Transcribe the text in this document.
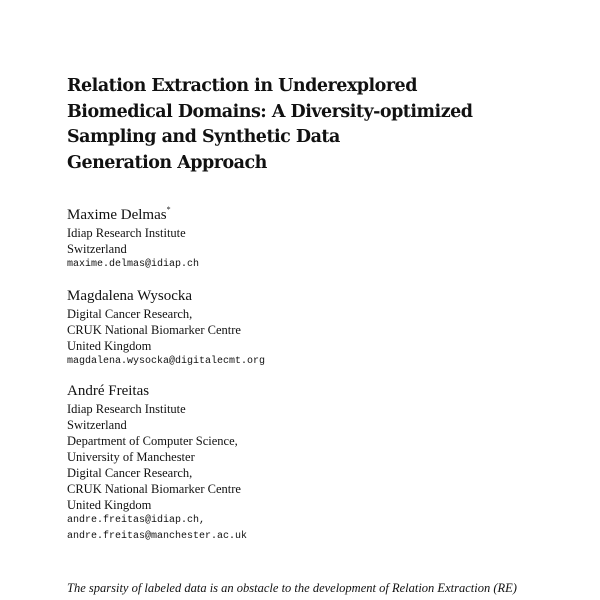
Relation Extraction in Underexplored
Biomedical Domains: A Diversity-optimized
Sampling and Synthetic Data
Generation Approach
Maxime Delmas*
Idiap Research Institute
Switzerland
maxime.delmas@idiap.ch
Magdalena Wysocka
Digital Cancer Research,
CRUK National Biomarker Centre
United Kingdom
magdalena.wysocka@digitalecmt.org
André Freitas
Idiap Research Institute
Switzerland
Department of Computer Science,
University of Manchester
Digital Cancer Research,
CRUK National Biomarker Centre
United Kingdom
andre.freitas@idiap.ch,
andre.freitas@manchester.ac.uk

The sparsity of labeled data is an obstacle to the development of Relation Extraction (RE)
